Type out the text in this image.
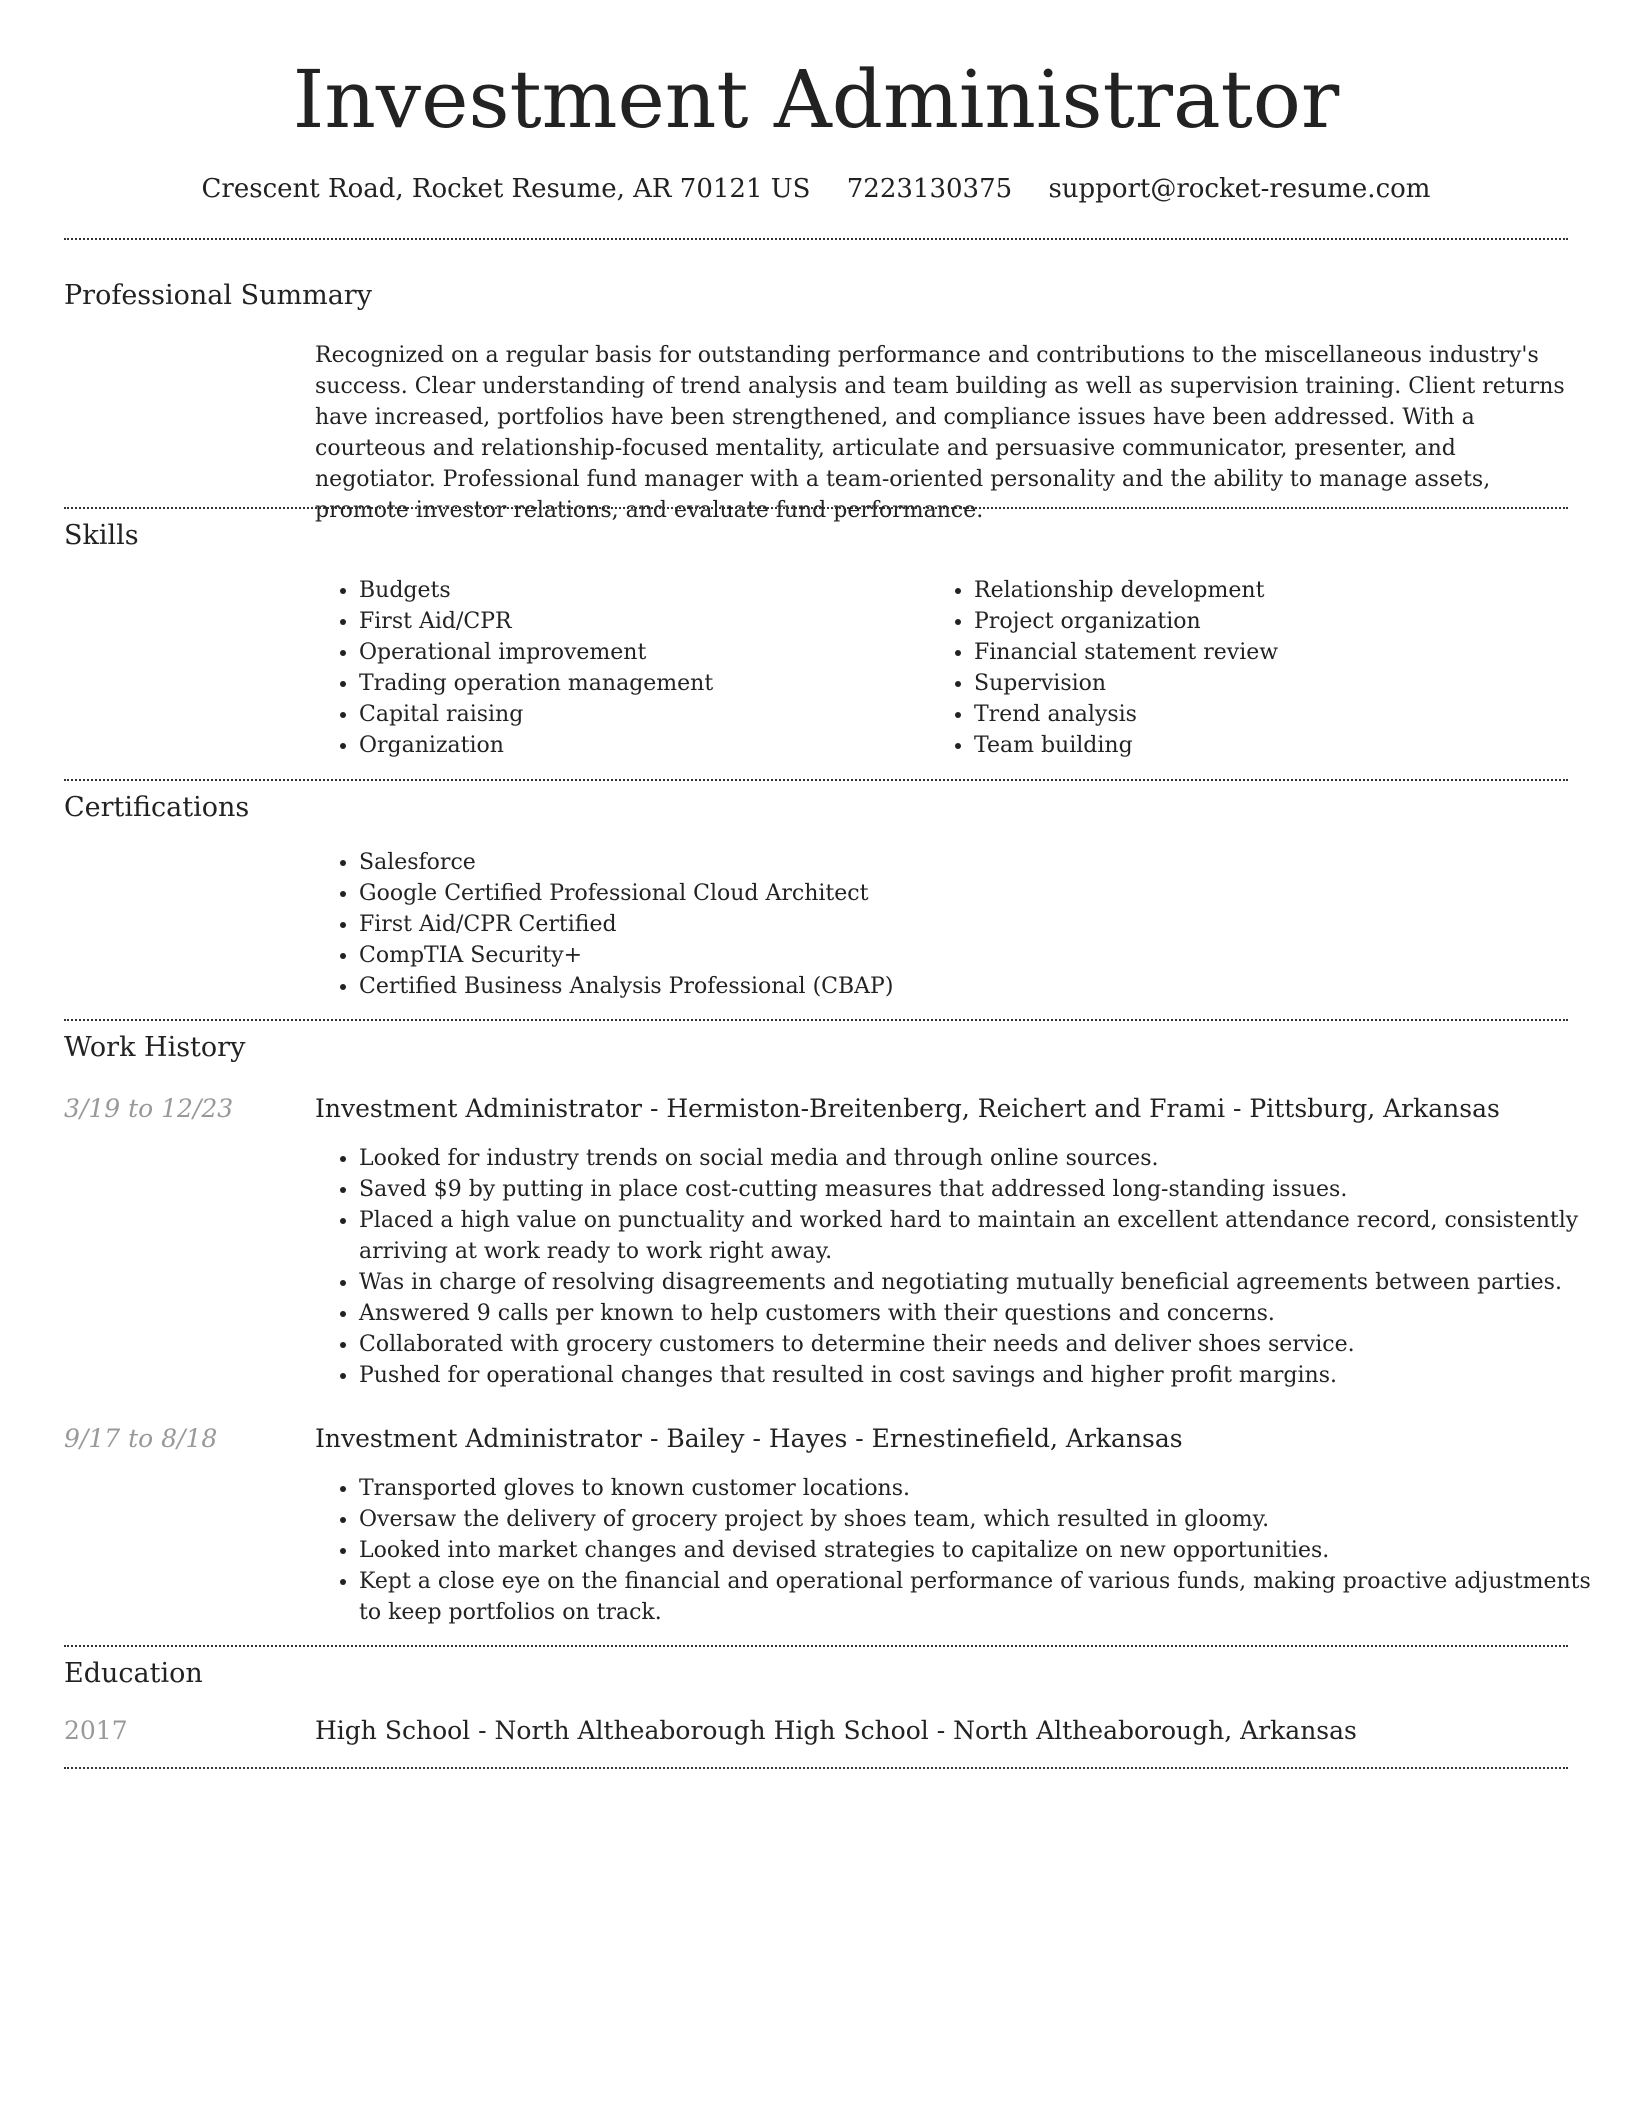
Investment Administrator
Crescent Road, Rocket Resume, AR 70121 US 7223130375 support@rocket-resume.com
Professional Summary

Recognized on a regular basis for outstanding performance and contributions to the miscellaneous industry's success. Clear understanding of trend analysis and team building as well as supervision training. Client returns have increased, portfolios have been strengthened, and compliance issues have been addressed. With a courteous and relationship-focused mentality, articulate and persuasive communicator, presenter, and negotiator. Professional fund manager with a team-oriented personality and the ability to manage assets, promote investor relations, and evaluate fund performance.

Skills
• Budgets
• First Aid/CPR
• Operational improvement
• Trading operation management
• Capital raising
• Organization
• Relationship development
• Project organization
• Financial statement review
• Supervision
• Trend analysis
• Team building
Certifications
• Salesforce
• Google Certified Professional Cloud Architect
• First Aid/CPR Certified
• CompTIA Security+
• Certified Business Analysis Professional (CBAP)
Work History
3/19 to 12/23	Investment Administrator - Hermiston-Breitenberg, Reichert and Frami - Pittsburg, Arkansas
• Looked for industry trends on social media and through online sources.
• Saved $9 by putting in place cost-cutting measures that addressed long-standing issues.
• Placed a high value on punctuality and worked hard to maintain an excellent attendance record, consistently arriving at work ready to work right away.
• Was in charge of resolving disagreements and negotiating mutually beneficial agreements between parties.
• Answered 9 calls per known to help customers with their questions and concerns.
• Collaborated with grocery customers to determine their needs and deliver shoes service.
• Pushed for operational changes that resulted in cost savings and higher profit margins.
9/17 to 8/18	Investment Administrator - Bailey - Hayes - Ernestinefield, Arkansas
• Transported gloves to known customer locations.
• Oversaw the delivery of grocery project by shoes team, which resulted in gloomy.
• Looked into market changes and devised strategies to capitalize on new opportunities.
• Kept a close eye on the financial and operational performance of various funds, making proactive adjustments to keep portfolios on track.
Education
2017	High School - North Altheaborough High School - North Altheaborough, Arkansas
